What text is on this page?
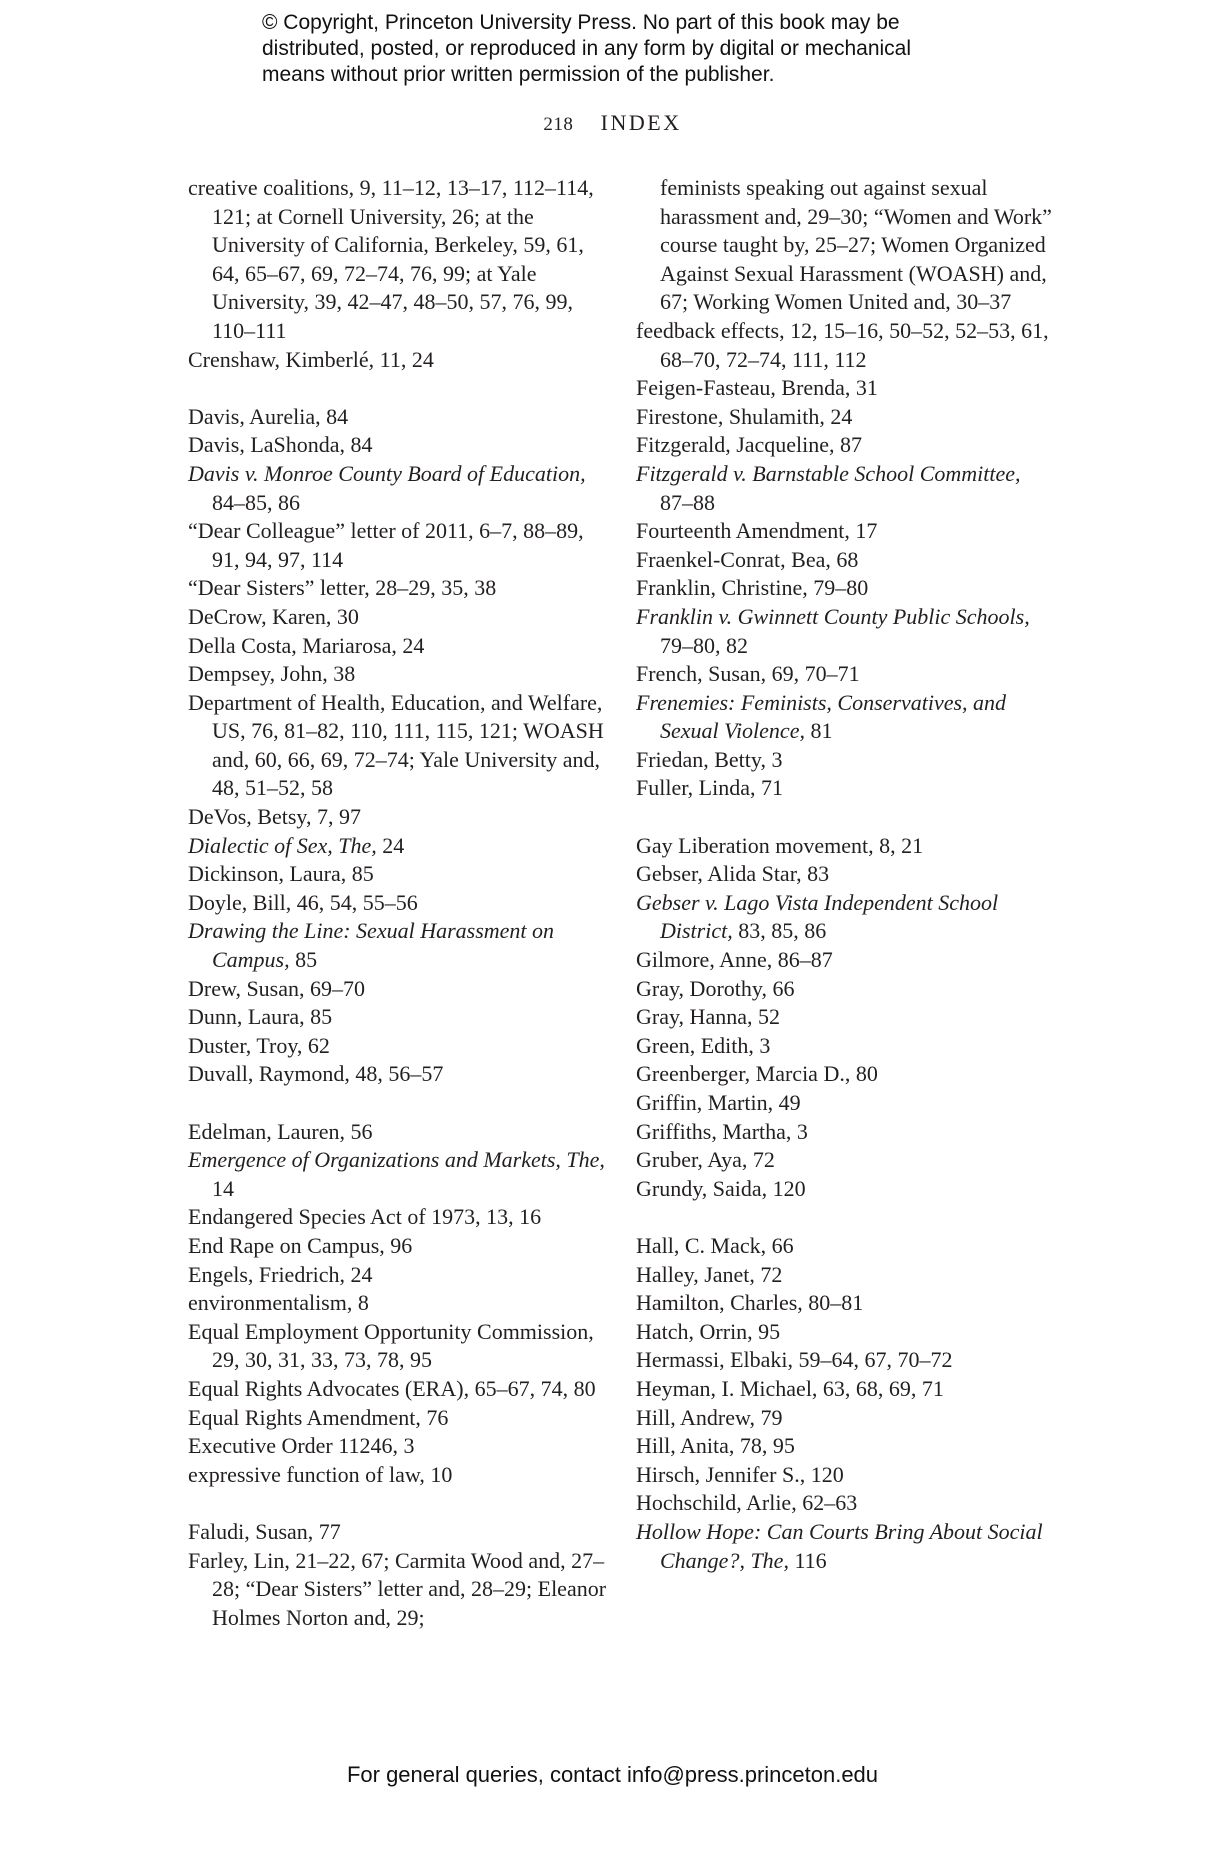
© Copyright, Princeton University Press. No part of this book may be
distributed, posted, or reproduced in any form by digital or mechanical
means without prior written permission of the publisher.
218 INDEX
creative coalitions, 9, 11–12, 13–17, 112–114, 121; at Cornell University, 26; at the University of California, Berkeley, 59, 61, 64, 65–67, 69, 72–74, 76, 99; at Yale University, 39, 42–47, 48–50, 57, 76, 99, 110–111
Crenshaw, Kimberlé, 11, 24
Davis, Aurelia, 84
Davis, LaShonda, 84
Davis v. Monroe County Board of Education, 84–85, 86
“Dear Colleague” letter of 2011, 6–7, 88–89, 91, 94, 97, 114
“Dear Sisters” letter, 28–29, 35, 38
DeCrow, Karen, 30
Della Costa, Mariarosa, 24
Dempsey, John, 38
Department of Health, Education, and Welfare, US, 76, 81–82, 110, 111, 115, 121; WOASH and, 60, 66, 69, 72–74; Yale University and, 48, 51–52, 58
DeVos, Betsy, 7, 97
Dialectic of Sex, The, 24
Dickinson, Laura, 85
Doyle, Bill, 46, 54, 55–56
Drawing the Line: Sexual Harassment on Campus, 85
Drew, Susan, 69–70
Dunn, Laura, 85
Duster, Troy, 62
Duvall, Raymond, 48, 56–57
Edelman, Lauren, 56
Emergence of Organizations and Markets, The, 14
Endangered Species Act of 1973, 13, 16
End Rape on Campus, 96
Engels, Friedrich, 24
environmentalism, 8
Equal Employment Opportunity Commission, 29, 30, 31, 33, 73, 78, 95
Equal Rights Advocates (ERA), 65–67, 74, 80
Equal Rights Amendment, 76
Executive Order 11246, 3
expressive function of law, 10
Faludi, Susan, 77
Farley, Lin, 21–22, 67; Carmita Wood and, 27–28; “Dear Sisters” letter and, 28–29; Eleanor Holmes Norton and, 29;
feminists speaking out against sexual harassment and, 29–30; “Women and Work” course taught by, 25–27; Women Organized Against Sexual Harassment (WOASH) and, 67; Working Women United and, 30–37
feedback effects, 12, 15–16, 50–52, 52–53, 61, 68–70, 72–74, 111, 112
Feigen-Fasteau, Brenda, 31
Firestone, Shulamith, 24
Fitzgerald, Jacqueline, 87
Fitzgerald v. Barnstable School Committee, 87–88
Fourteenth Amendment, 17
Fraenkel-Conrat, Bea, 68
Franklin, Christine, 79–80
Franklin v. Gwinnett County Public Schools, 79–80, 82
French, Susan, 69, 70–71
Frenemies: Feminists, Conservatives, and Sexual Violence, 81
Friedan, Betty, 3
Fuller, Linda, 71
Gay Liberation movement, 8, 21
Gebser, Alida Star, 83
Gebser v. Lago Vista Independent School District, 83, 85, 86
Gilmore, Anne, 86–87
Gray, Dorothy, 66
Gray, Hanna, 52
Green, Edith, 3
Greenberger, Marcia D., 80
Griffin, Martin, 49
Griffiths, Martha, 3
Gruber, Aya, 72
Grundy, Saida, 120
Hall, C. Mack, 66
Halley, Janet, 72
Hamilton, Charles, 80–81
Hatch, Orrin, 95
Hermassi, Elbaki, 59–64, 67, 70–72
Heyman, I. Michael, 63, 68, 69, 71
Hill, Andrew, 79
Hill, Anita, 78, 95
Hirsch, Jennifer S., 120
Hochschild, Arlie, 62–63
Hollow Hope: Can Courts Bring About Social Change?, The, 116
For general queries, contact info@press.princeton.edu
